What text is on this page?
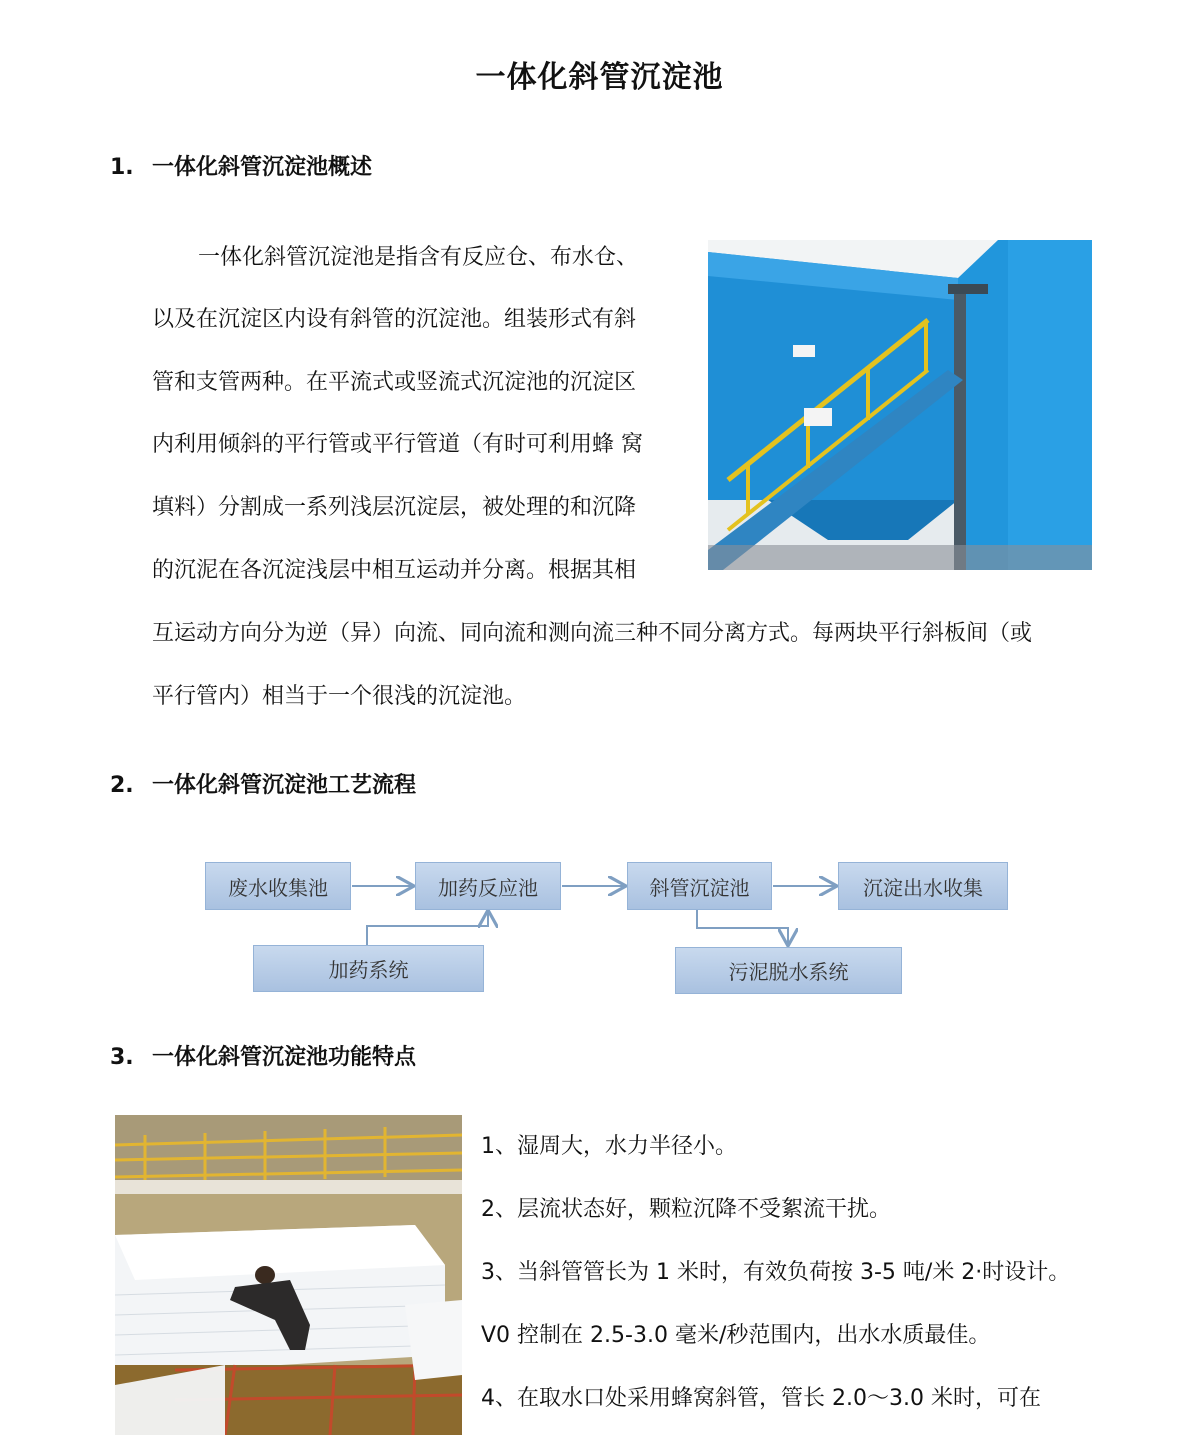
一体化斜管沉淀池
1. 一体化斜管沉淀池概述
一体化斜管沉淀池是指含有反应仓、布水仓、
以及在沉淀区内设有斜管的沉淀池。组装形式有斜
管和支管两种。在平流式或竖流式沉淀池的沉淀区
内利用倾斜的平行管或平行管道（有时可利用蜂 窝
填料）分割成一系列浅层沉淀层，被处理的和沉降
的沉泥在各沉淀浅层中相互运动并分离。根据其相
互运动方向分为逆（异）向流、同向流和测向流三种不同分离方式。每两块平行斜板间（或
平行管内）相当于一个很浅的沉淀池。
2. 一体化斜管沉淀池工艺流程
废水收集池	加药反应池	斜管沉淀池	沉淀出水收集
加药系统	污泥脱水系统
3. 一体化斜管沉淀池功能特点
1、湿周大，水力半径小。
2、层流状态好，颗粒沉降不受絮流干扰。
3、当斜管管长为 1 米时，有效负荷按 3-5 吨/米 2·时设计。
V0 控制在 2.5-3.0 毫米/秒范围内，出水水质最佳。
4、在取水口处采用蜂窝斜管，管长 2.0～3.0 米时，可在
